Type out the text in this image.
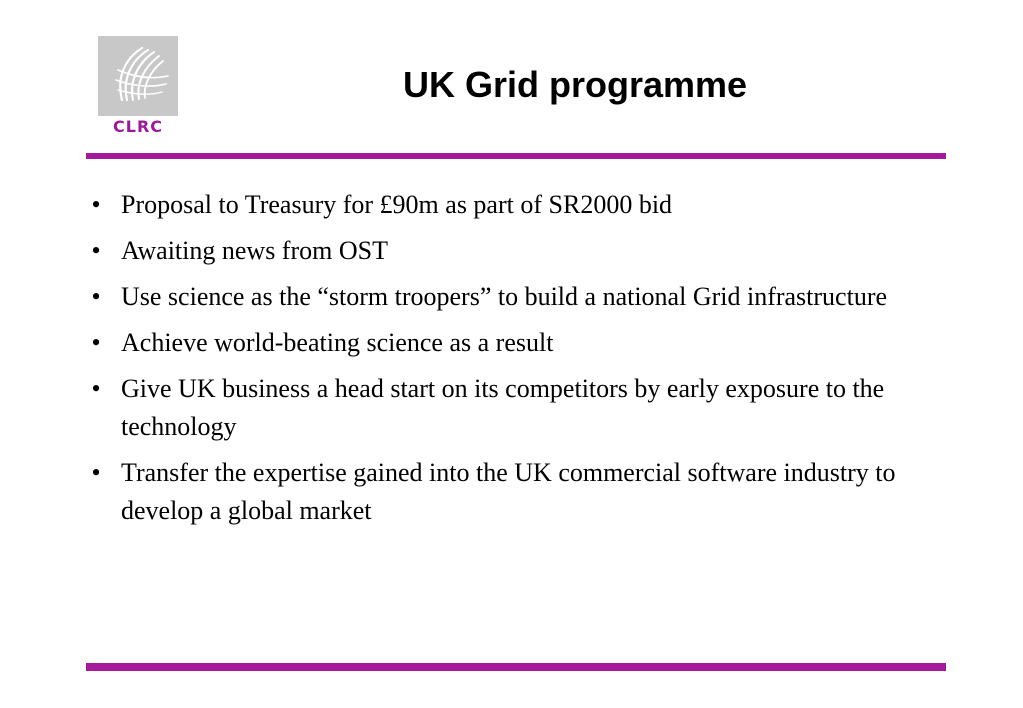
CLRC
UK Grid programme
• Proposal to Treasury for £90m as part of SR2000 bid
• Awaiting news from OST
• Use science as the “storm troopers” to build a national Grid infrastructure
• Achieve world-beating science as a result
• Give UK business a head start on its competitors by early exposure to the technology
• Transfer the expertise gained into the UK commercial software industry to develop a global market
